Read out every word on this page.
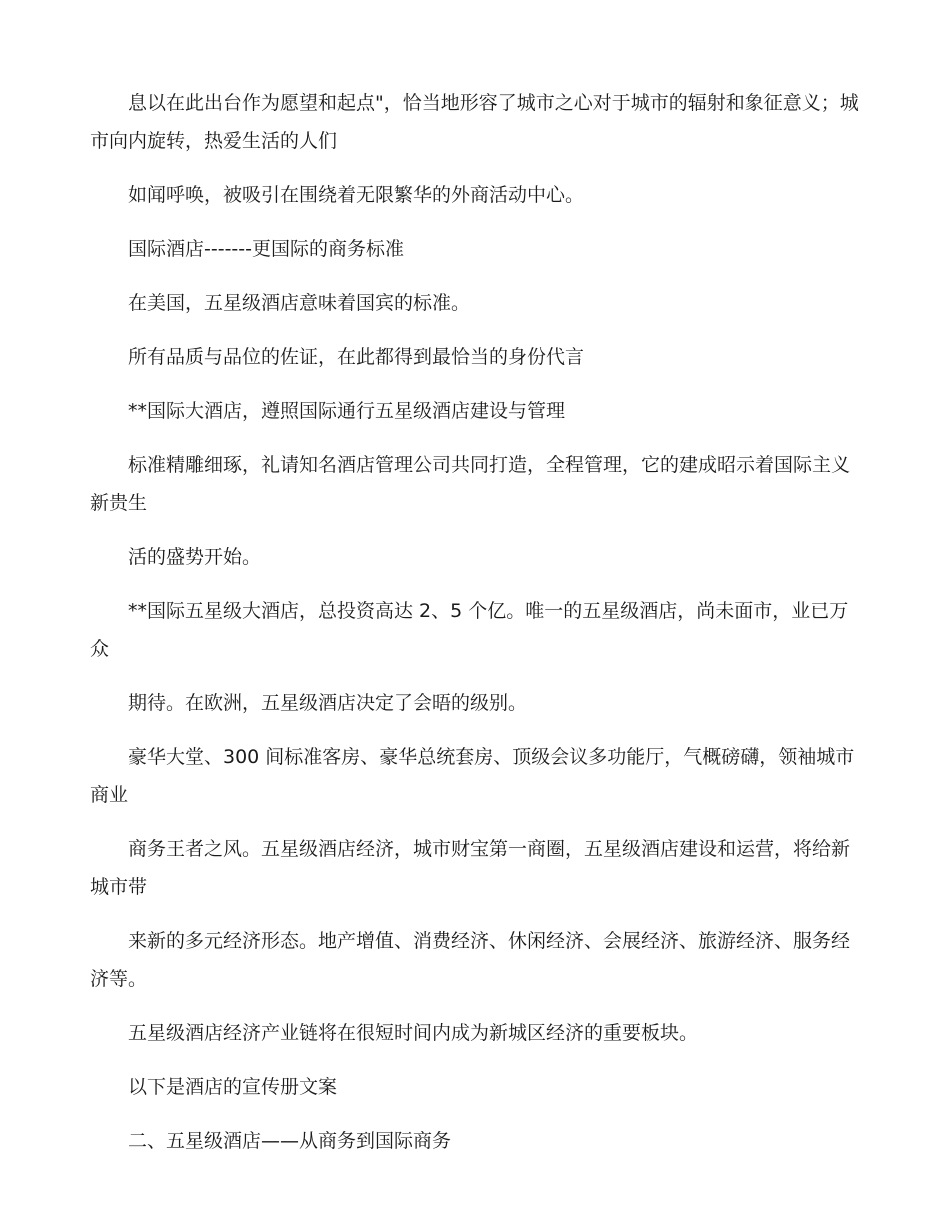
息以在此出台作为愿望和起点"，恰当地形容了城市之心对于城市的辐射和象征意义；城市向内旋转，热爱生活的人们

如闻呼唤，被吸引在围绕着无限繁华的外商活动中心。

国际酒店-------更国际的商务标准

在美国，五星级酒店意味着国宾的标准。

所有品质与品位的佐证，在此都得到最恰当的身份代言

**国际大酒店，遵照国际通行五星级酒店建设与管理

标准精雕细琢，礼请知名酒店管理公司共同打造，全程管理，它的建成昭示着国际主义新贵生

活的盛势开始。

**国际五星级大酒店，总投资高达 2、5 个亿。唯一的五星级酒店，尚未面市，业已万众

期待。在欧洲，五星级酒店决定了会晤的级别。

豪华大堂、300 间标准客房、豪华总统套房、顶级会议多功能厅，气概磅礴，领袖城市商业

商务王者之风。五星级酒店经济，城市财宝第一商圈，五星级酒店建设和运营，将给新城市带

来新的多元经济形态。地产增值、消费经济、休闲经济、会展经济、旅游经济、服务经济等。

五星级酒店经济产业链将在很短时间内成为新城区经济的重要板块。

以下是酒店的宣传册文案

二、五星级酒店——从商务到国际商务
